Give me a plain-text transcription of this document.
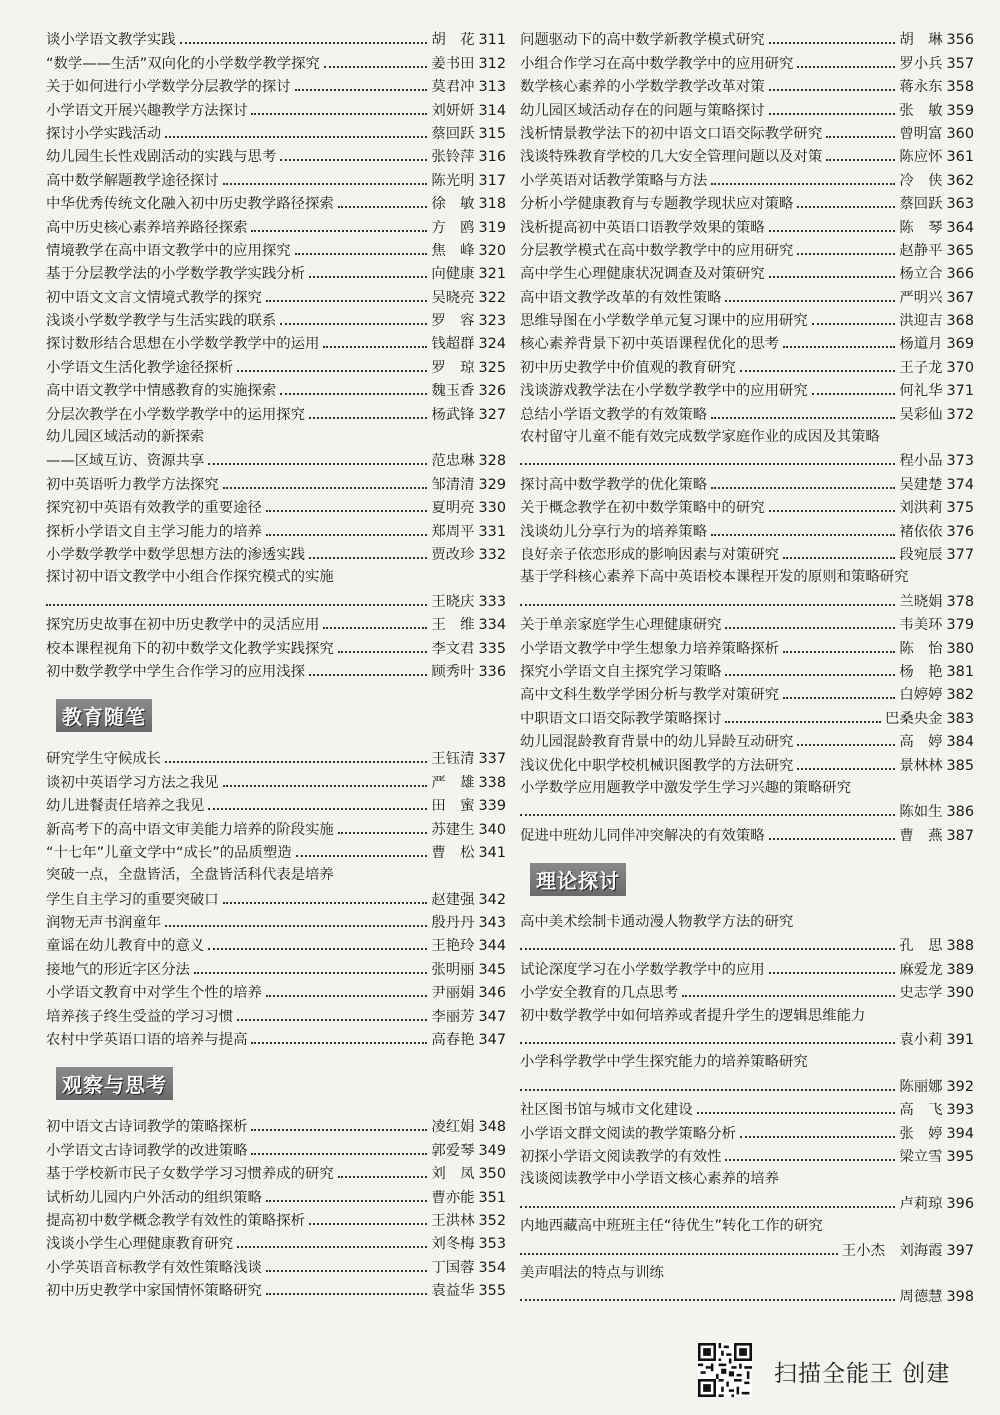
谈小学语文教学实践	胡　花 311
“数学——生活”双向化的小学数学教学探究	姜书田 312
关于如何进行小学数学分层教学的探讨	莫君冲 313
小学语文开展兴趣教学方法探讨	刘妍妍 314
探讨小学实践活动	蔡回跃 315
幼儿园生长性戏剧活动的实践与思考	张铃萍 316
高中数学解题教学途径探讨	陈光明 317
中华优秀传统文化融入初中历史教学路径探索	徐　敏 318
高中历史核心素养培养路径探索	方　鸥 319
情境教学在高中语文教学中的应用探究	焦　峰 320
基于分层教学法的小学数学教学实践分析	向健康 321
初中语文文言文情境式教学的探究	吴晓亮 322
浅谈小学数学教学与生活实践的联系	罗　容 323
探讨数形结合思想在小学数学教学中的运用	钱超群 324
小学语文生活化教学途径探析	罗　琼 325
高中语文教学中情感教育的实施探索	魏玉香 326
分层次教学在小学数学教学中的运用探究	杨武锋 327
幼儿园区域活动的新探索
——区域互访、资源共享	范忠琳 328
初中英语听力教学方法探究	邹清清 329
探究初中英语有效教学的重要途径	夏明亮 330
探析小学语文自主学习能力的培养	郑周平 331
小学数学教学中数学思想方法的渗透实践	贾改珍 332
探讨初中语文教学中小组合作探究模式的实施
王晓庆 333
探究历史故事在初中历史教学中的灵活应用	王　维 334
校本课程视角下的初中数学文化教学实践探究	李文君 335
初中数学教学中学生合作学习的应用浅探	顾秀叶 336
教育随笔
研究学生守候成长	王钰清 337
谈初中英语学习方法之我见	严　雄 338
幼儿进餐责任培养之我见	田　蜜 339
新高考下的高中语文审美能力培养的阶段实施	苏建生 340
“十七年”儿童文学中“成长”的品质塑造	曹　松 341
突破一点，全盘皆活，全盘皆活科代表是培养
学生自主学习的重要突破口	赵建强 342
润物无声书润童年	殷丹丹 343
童谣在幼儿教育中的意义	王艳玲 344
接地气的形近字区分法	张明丽 345
小学语文教育中对学生个性的培养	尹丽娟 346
培养孩子终生受益的学习习惯	李丽芳 347
农村中学英语口语的培养与提高	高春艳 347
观察与思考
初中语文古诗词教学的策略探析	凌红娟 348
小学语文古诗词教学的改进策略	郭爱琴 349
基于学校新市民子女数学学习习惯养成的研究	刘　凤 350
试析幼儿园内户外活动的组织策略	曹亦能 351
提高初中数学概念教学有效性的策略探析	王洪林 352
浅谈小学生心理健康教育研究	刘冬梅 353
小学英语音标教学有效性策略浅谈	丁国蓉 354
初中历史教学中家国情怀策略研究	袁益华 355
问题驱动下的高中数学新教学模式研究	胡　琳 356
小组合作学习在高中数学教学中的应用研究	罗小兵 357
数学核心素养的小学数学教学改革对策	蒋永东 358
幼儿园区域活动存在的问题与策略探讨	张　敏 359
浅析情景教学法下的初中语文口语交际教学研究	曾明富 360
浅谈特殊教育学校的几大安全管理问题以及对策	陈应怀 361
小学英语对话教学策略与方法	冷　侠 362
分析小学健康教育与专题教学现状应对策略	蔡回跃 363
浅析提高初中英语口语教学效果的策略	陈　琴 364
分层教学模式在高中数学教学中的应用研究	赵静平 365
高中学生心理健康状况调查及对策研究	杨立合 366
高中语文教学改革的有效性策略	严明兴 367
思维导图在小学数学单元复习课中的应用研究	洪迎吉 368
核心素养背景下初中英语课程优化的思考	杨道月 369
初中历史教学中价值观的教育研究	王子龙 370
浅谈游戏教学法在小学数学教学中的应用研究	何礼华 371
总结小学语文教学的有效策略	吴彩仙 372
农村留守儿童不能有效完成数学家庭作业的成因及其策略
程小品 373
探讨高中数学教学的优化策略	吴建楚 374
关于概念教学在初中数学策略中的研究	刘洪莉 375
浅谈幼儿分享行为的培养策略	褚依依 376
良好亲子依恋形成的影响因素与对策研究	段宛辰 377
基于学科核心素养下高中英语校本课程开发的原则和策略研究
兰晓娟 378
关于单亲家庭学生心理健康研究	韦美环 379
小学语文教学中学生想象力培养策略探析	陈　怡 380
探究小学语文自主探究学习策略	杨　艳 381
高中文科生数学学困分析与教学对策研究	白婷婷 382
中职语文口语交际教学策略探讨	巴桑央金 383
幼儿园混龄教育背景中的幼儿异龄互动研究	高　婷 384
浅议优化中职学校机械识图教学的方法研究	景林林 385
小学数学应用题教学中激发学生学习兴趣的策略研究
陈如生 386
促进中班幼儿同伴冲突解决的有效策略	曹　燕 387
理论探讨
高中美术绘制卡通动漫人物教学方法的研究
孔　思 388
试论深度学习在小学数学教学中的应用	麻爱龙 389
小学安全教育的几点思考	史志学 390
初中数学教学中如何培养或者提升学生的逻辑思维能力
袁小莉 391
小学科学教学中学生探究能力的培养策略研究
陈丽娜 392
社区图书馆与城市文化建设	高　飞 393
小学语文群文阅读的教学策略分析	张　婷 394
初探小学语文阅读教学的有效性	梁立雪 395
浅谈阅读教学中小学语文核心素养的培养
卢莉琼 396
内地西藏高中班班主任“待优生”转化工作的研究
王小杰　刘海霞 397
美声唱法的特点与训练
周德慧 398
扫描全能王 创建
